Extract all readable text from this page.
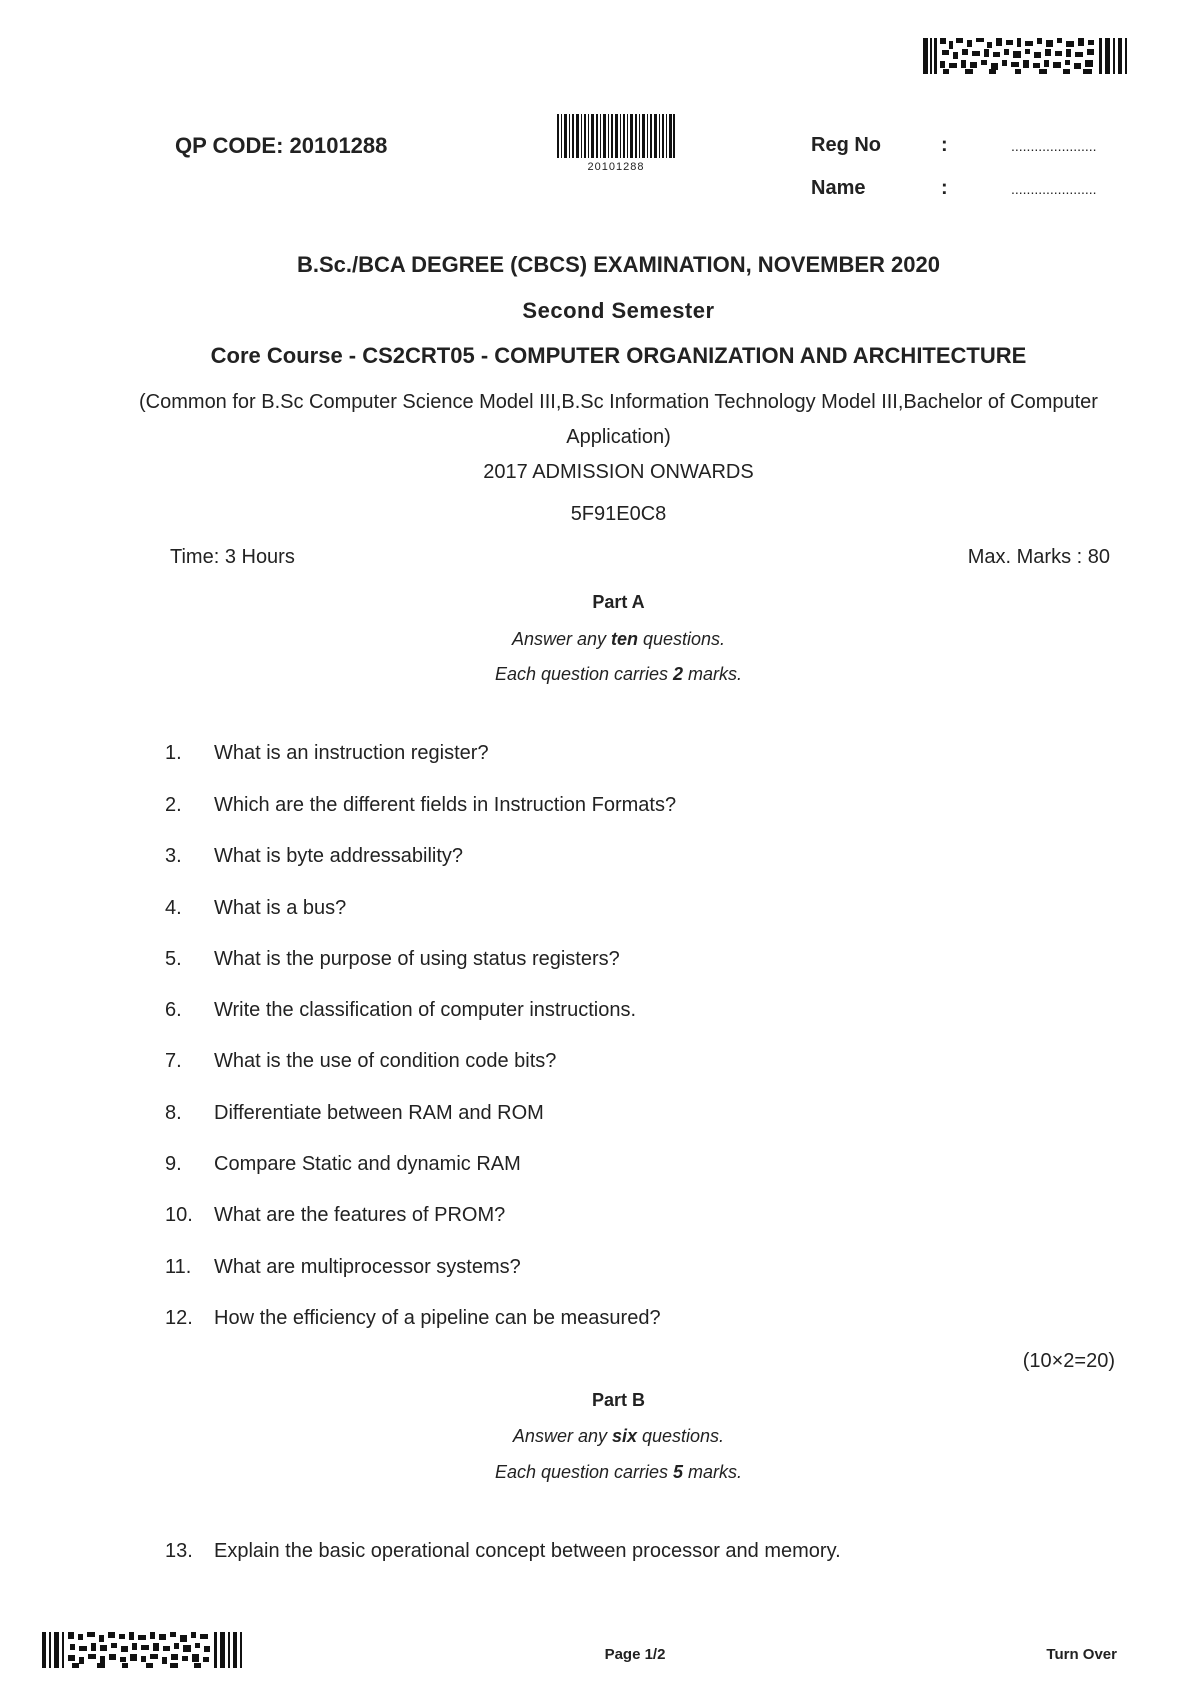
QP CODE: 20101288
20101288
Reg No	:	......................
Name	:	......................
B.Sc./BCA DEGREE (CBCS) EXAMINATION, NOVEMBER 2020
Second Semester
Core Course - CS2CRT05 - COMPUTER ORGANIZATION AND ARCHITECTURE
(Common for B.Sc Computer Science Model III,B.Sc Information Technology Model III,Bachelor of Computer Application)
2017 ADMISSION ONWARDS
5F91E0C8
Time: 3 Hours	Max. Marks : 80
Part A
Answer any ten questions.
Each question carries 2 marks.
1. What is an instruction register?
2. Which are the different fields in Instruction Formats?
3. What is byte addressability?
4. What is a bus?
5. What is the purpose of using status registers?
6. Write the classification of computer instructions.
7. What is the use of condition code bits?
8. Differentiate between RAM and ROM
9. Compare Static and dynamic RAM
10. What are the features of PROM?
11. What are multiprocessor systems?
12. How the efficiency of a pipeline can be measured?
(10×2=20)
Part B
Answer any six questions.
Each question carries 5 marks.
13. Explain the basic operational concept between processor and memory.
Page 1/2	Turn Over
